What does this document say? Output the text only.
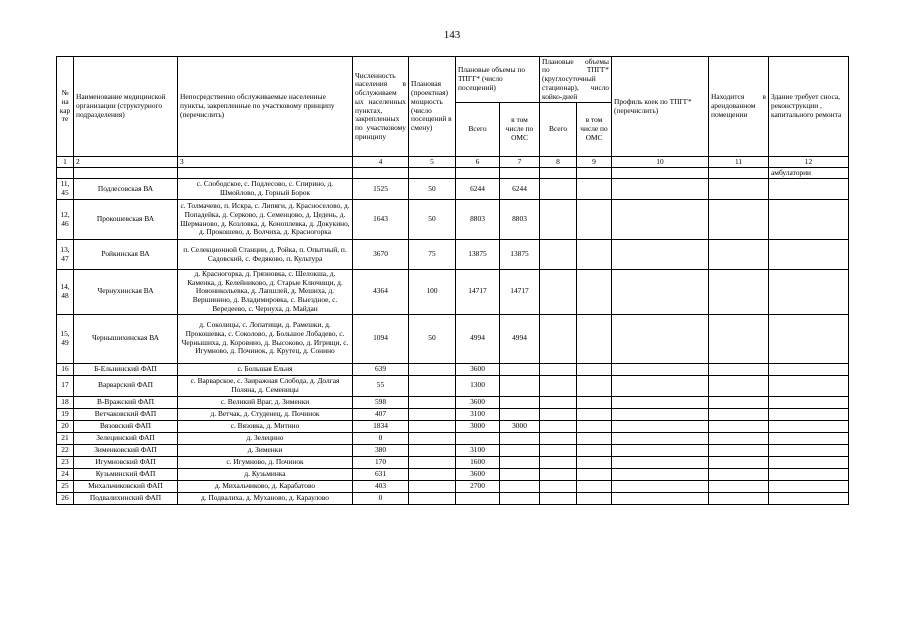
143
№ на кар те	Наименование медицинской организации (структурного подразделения)	Непосредственно обслуживаемые населенные пункты, закрепленные по участковому принципу (перечислить)	Численность населения в обслуживаем ых населенных пунктах, закрепленных по участковому принципу	Плановая (проектная) мощность (число посещений в смену)	Плановые объемы по ТПГГ* (число посещений)		Плановые объемы по ТПГГ* (круглосуточный стационар), число койко-дней		Профиль коек по ТПГГ* (перечислить)	Находится в арендованном помещении	Здание требует сноса, реконструкции , капитального ремонта
					Всего	в том числе по ОМС	Всего	в том числе по ОМС			
1	2	3	4	5	6	7	8	9	10	11	12
											амбулатории
11, 45	Подлесовская ВА	с. Слободское, с. Подлесово, с. Спирино, д. Шмойлово, д. Горный Борок	1525	50	6244	6244					
12, 46	Прокошевская ВА	с. Толмачево, п. Искра, с. Липяги, д. Красноселово, д. Попадейка, д. Серково, д. Семенцово, д. Цедень, д. Шерманово, д. Козловка, д. Коноплевка, д. Докукино, д. Прокошево, д. Волчиха, д. Красногорка	1643	50	8803	8803					
13, 47	Ройкинская ВА	п. Селекционной Станции, д. Ройка, п. Опытный, п. Садовский, с. Федяково, п. Культура	3670	75	13875	13875					
14, 48	Чернухинская ВА	д. Красногорка, д. Грязновка, с. Шелокша, д. Каменка, д. Келейниково, д. Старые Ключищи, д. Новоникольевка, д. Лапшлей, д. Мешиха, д. Вершинино, д. Владимировка, с. Выездное, с. Вередеево, с. Чернуха, д. Майдан	4364	100	14717	14717					
15, 49	Чернышихинская ВА	д. Соколицы, с. Лопатищи, д. Рамешки, д. Прокошевка, с. Соколово, д. Большое Лобадево, с. Чернышиха, д. Коровино, д. Высоково, д. Игрищи, с. Игумново, д. Починок, д. Крутец, д. Сонино	1094	50	4994	4994					
16	Б-Ельнинский ФАП	с. Большая Ельня	639		3600						
17	Варварский ФАП	с. Варварское, с. Заиражная Слобода, д. Долгая Поляна, д. Семеницы	55		1300						
18	В-Вражский ФАП	с. Великий Враг, д. Зименки	598		3600						
19	Ветчаковский ФАП	д. Ветчак, д. Студенец, д. Починок	407		3100						
20	Вязовский ФАП	с. Вязовка, д. Митино	1834		3000	3000					
21	Зелецинский ФАП	д. Зелецино	0								
22	Зименковский ФАП	д. Зименки	380		3100						
23	Игумновский ФАП	с. Игумново, д. Починок	170		1600						
24	Кузьминский ФАП	д. Кузьминка	631		3600						
25	Михальчиковский ФАП	д. Михальчиково, д. Карабатово	403		2700						
26	Подвалихинский ФАП	д. Подвалиха, д. Муханово, д. Караулово	0								
